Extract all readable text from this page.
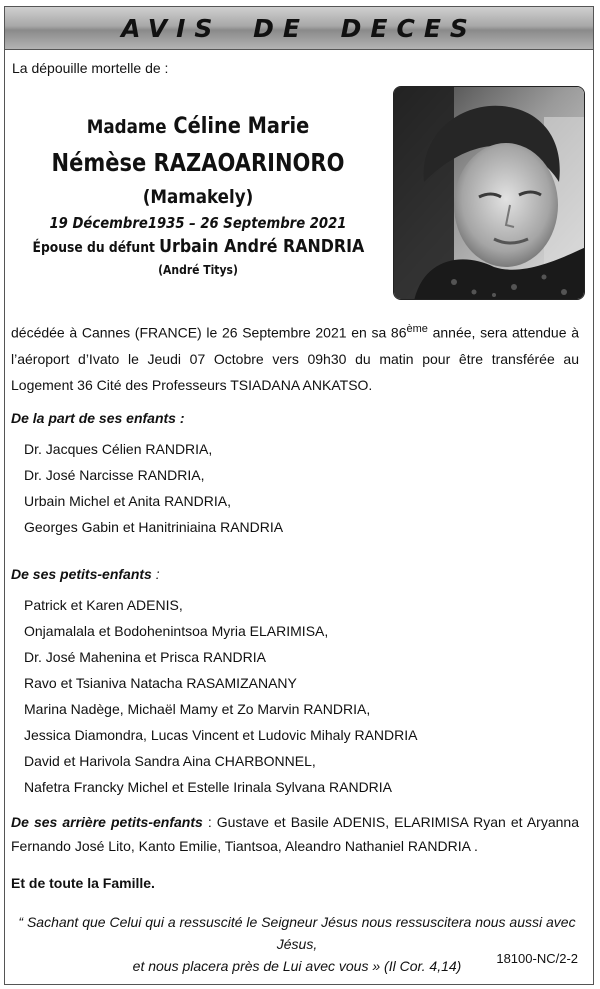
AVIS DE DECES
La dépouille mortelle de :
Madame Céline Marie
Némèse RAZAOARINORO
(Mamakely)
19 Décembre1935 – 26 Septembre 2021
Épouse du défunt Urbain André RANDRIA
(André Titys)
décédée à Cannes (FRANCE) le 26 Septembre 2021 en sa 86ème année, sera attendue à l’aéroport d’Ivato le Jeudi 07 Octobre vers 09h30 du matin pour être transférée au Logement 36 Cité des Professeurs TSIADANA ANKATSO.
De la part de ses enfants :
Dr. Jacques Célien RANDRIA,
Dr. José Narcisse RANDRIA,
Urbain Michel et Anita RANDRIA,
Georges Gabin et Hanitriniaina RANDRIA
De ses petits-enfants :
Patrick et Karen ADENIS,
Onjamalala et Bodohenintsoa Myria ELARIMISA,
Dr. José Mahenina et Prisca RANDRIA
Ravo et Tsianiva Natacha RASAMIZANANY
Marina Nadège, Michaël Mamy et Zo Marvin RANDRIA,
Jessica Diamondra, Lucas Vincent et Ludovic Mihaly RANDRIA
David et Harivola Sandra Aina CHARBONNEL,
Nafetra Francky Michel et Estelle Irinala Sylvana RANDRIA
De ses arrière petits-enfants : Gustave et Basile ADENIS, ELARIMISA Ryan et Aryanna Fernando José Lito, Kanto Emilie, Tiantsoa, Aleandro Nathaniel RANDRIA .
Et de toute la Famille.
“ Sachant que Celui qui a ressuscité le Seigneur Jésus nous ressuscitera nous aussi avec Jésus,
et nous placera près de Lui avec vous » (Il Cor. 4,14)	18100-NC/2-2
